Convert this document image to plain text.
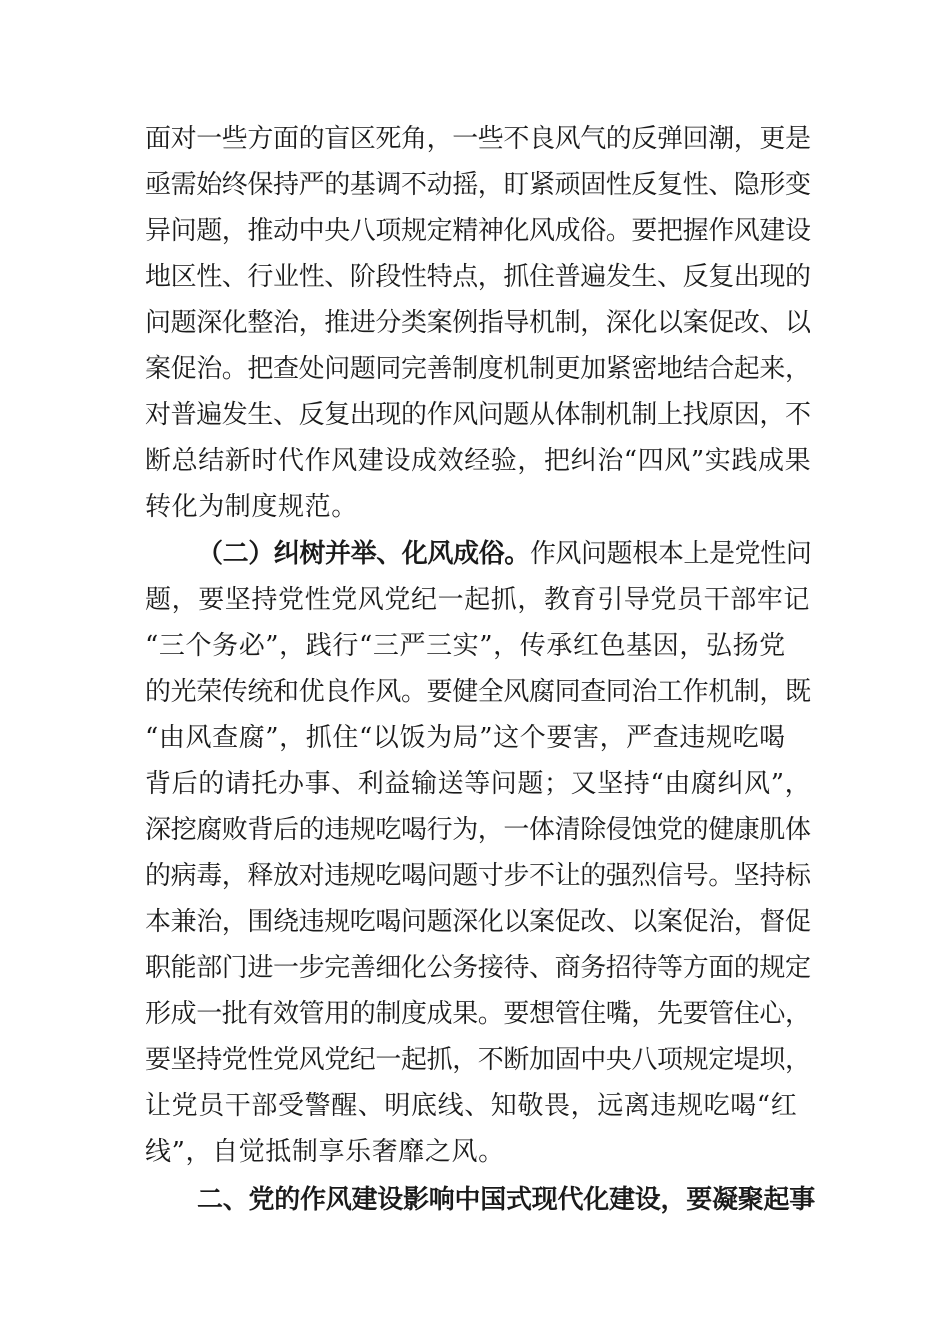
面对一些方面的盲区死角，一些不良风气的反弹回潮，更是
亟需始终保持严的基调不动摇，盯紧顽固性反复性、隐形变
异问题，推动中央八项规定精神化风成俗。要把握作风建设
地区性、行业性、阶段性特点，抓住普遍发生、反复出现的
问题深化整治，推进分类案例指导机制，深化以案促改、以
案促治。把查处问题同完善制度机制更加紧密地结合起来，
对普遍发生、反复出现的作风问题从体制机制上找原因，不
断总结新时代作风建设成效经验，把纠治“四风”实践成果
转化为制度规范。
（二）纠树并举、化风成俗。作风问题根本上是党性问
题，要坚持党性党风党纪一起抓，教育引导党员干部牢记
“三个务必”，践行“三严三实”，传承红色基因，弘扬党
的光荣传统和优良作风。要健全风腐同查同治工作机制，既
“由风查腐”，抓住“以饭为局”这个要害，严查违规吃喝
背后的请托办事、利益输送等问题；又坚持“由腐纠风”，
深挖腐败背后的违规吃喝行为，一体清除侵蚀党的健康肌体
的病毒，释放对违规吃喝问题寸步不让的强烈信号。坚持标
本兼治，围绕违规吃喝问题深化以案促改、以案促治，督促
职能部门进一步完善细化公务接待、商务招待等方面的规定
形成一批有效管用的制度成果。要想管住嘴，先要管住心，
要坚持党性党风党纪一起抓，不断加固中央八项规定堤坝，
让党员干部受警醒、明底线、知敬畏，远离违规吃喝“红
线”，自觉抵制享乐奢靡之风。
二、党的作风建设影响中国式现代化建设，要凝聚起事
